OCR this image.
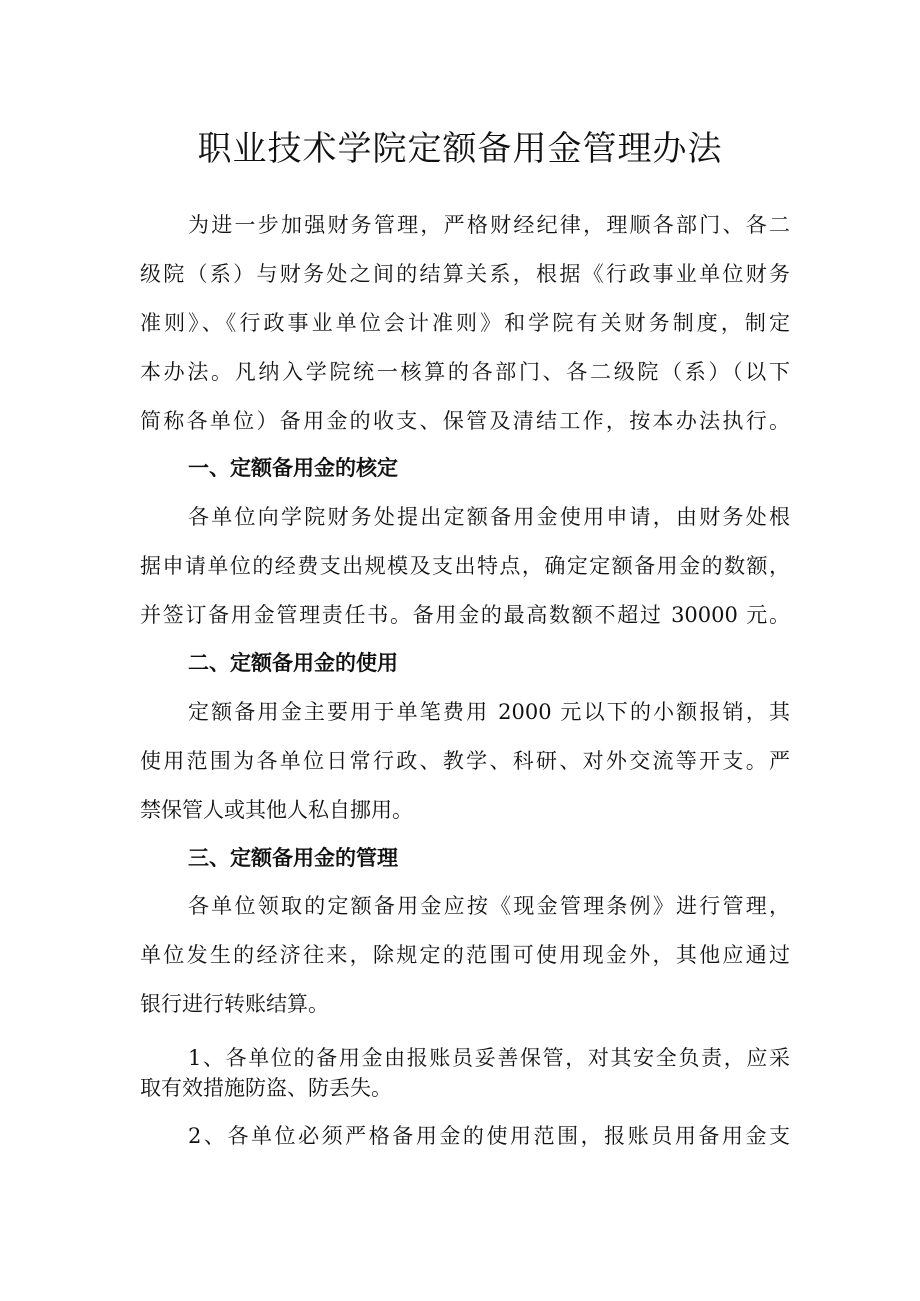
职业技术学院定额备用金管理办法
为进一步加强财务管理，严格财经纪律，理顺各部门、各二
级院（系）与财务处之间的结算关系，根据《行政事业单位财务
准则》、《行政事业单位会计准则》和学院有关财务制度，制定
本办法。凡纳入学院统一核算的各部门、各二级院（系）（以下
简称各单位）备用金的收支、保管及清结工作，按本办法执行。
一、定额备用金的核定
各单位向学院财务处提出定额备用金使用申请，由财务处根
据申请单位的经费支出规模及支出特点，确定定额备用金的数额，
并签订备用金管理责任书。备用金的最高数额不超过 30000 元。
二、定额备用金的使用
定额备用金主要用于单笔费用 2000 元以下的小额报销，其
使用范围为各单位日常行政、教学、科研、对外交流等开支。严
禁保管人或其他人私自挪用。
三、定额备用金的管理
各单位领取的定额备用金应按《现金管理条例》进行管理，
单位发生的经济往来，除规定的范围可使用现金外，其他应通过
银行进行转账结算。
1、各单位的备用金由报账员妥善保管，对其安全负责，应采
取有效措施防盗、防丢失。
2、各单位必须严格备用金的使用范围，报账员用备用金支
